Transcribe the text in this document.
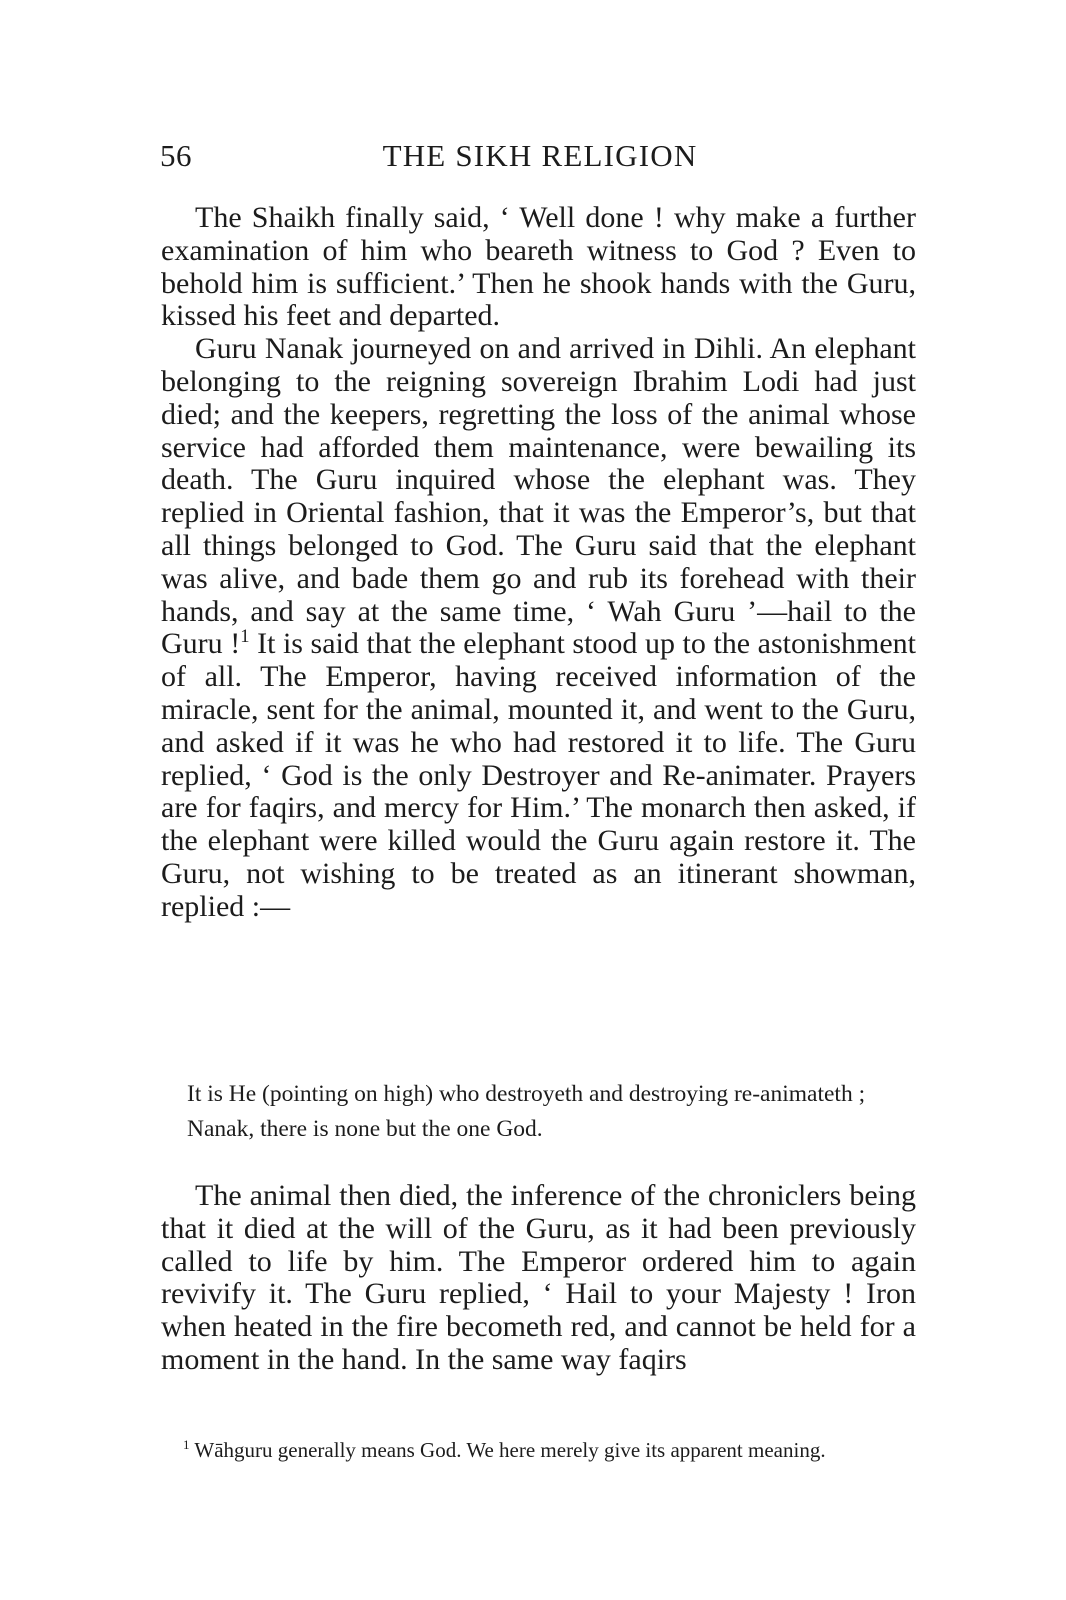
56	THE SIKH RELIGION

The Shaikh finally said, ‘ Well done ! why make a further examination of him who beareth witness to God ? Even to behold him is sufficient.’ Then he shook hands with the Guru, kissed his feet and departed.

Guru Nanak journeyed on and arrived in Dihli. An elephant belonging to the reigning sovereign Ibrahim Lodi had just died; and the keepers, regretting the loss of the animal whose service had afforded them maintenance, were bewailing its death. The Guru inquired whose the elephant was. They replied in Oriental fashion, that it was the Emperor’s, but that all things belonged to God. The Guru said that the elephant was alive, and bade them go and rub its forehead with their hands, and say at the same time, ‘ Wah Guru ’—hail to the Guru !$^1$ It is said that the elephant stood up to the astonishment of all. The Emperor, having received information of the miracle, sent for the animal, mounted it, and went to the Guru, and asked if it was he who had restored it to life. The Guru replied, ‘ God is the only Destroyer and Re-animater. Prayers are for faqirs, and mercy for Him.’ The monarch then asked, if the elephant were killed would the Guru again restore it. The Guru, not wishing to be treated as an itinerant showman, replied :—

It is He (pointing on high) who destroyeth and destroying re-animateth ;

Nanak, there is none but the one God.

The animal then died, the inference of the chroniclers being that it died at the will of the Guru, as it had been previously called to life by him. The Emperor ordered him to again revivify it. The Guru replied, ‘ Hail to your Majesty ! Iron when heated in the fire becometh red, and cannot be held for a moment in the hand. In the same way faqirs

$^1$ Wāhguru generally means God. We here merely give its apparent meaning.
